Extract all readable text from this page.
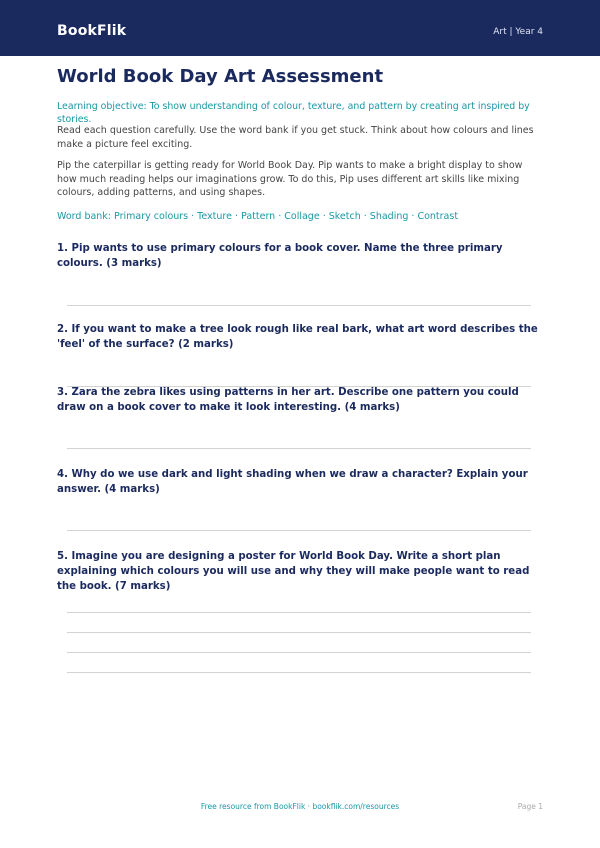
BookFlik	Art | Year 4
World Book Day Art Assessment
Learning objective: To show understanding of colour, texture, and pattern by creating art inspired by stories.

Read each question carefully. Use the word bank if you get stuck. Think about how colours and lines make a picture feel exciting.

Pip the caterpillar is getting ready for World Book Day. Pip wants to make a bright display to show how much reading helps our imaginations grow. To do this, Pip uses different art skills like mixing colours, adding patterns, and using shapes.

Word bank: Primary colours · Texture · Pattern · Collage · Sketch · Shading · Contrast

1. Pip wants to use primary colours for a book cover. Name the three primary colours. (3 marks)

2. If you want to make a tree look rough like real bark, what art word describes the 'feel' of the surface? (2 marks)

3. Zara the zebra likes using patterns in her art. Describe one pattern you could draw on a book cover to make it look interesting. (4 marks)

4. Why do we use dark and light shading when we draw a character? Explain your answer. (4 marks)

5. Imagine you are designing a poster for World Book Day. Write a short plan explaining which colours you will use and why they will make people want to read the book. (7 marks)

Free resource from BookFlik · bookflik.com/resources	Page 1
